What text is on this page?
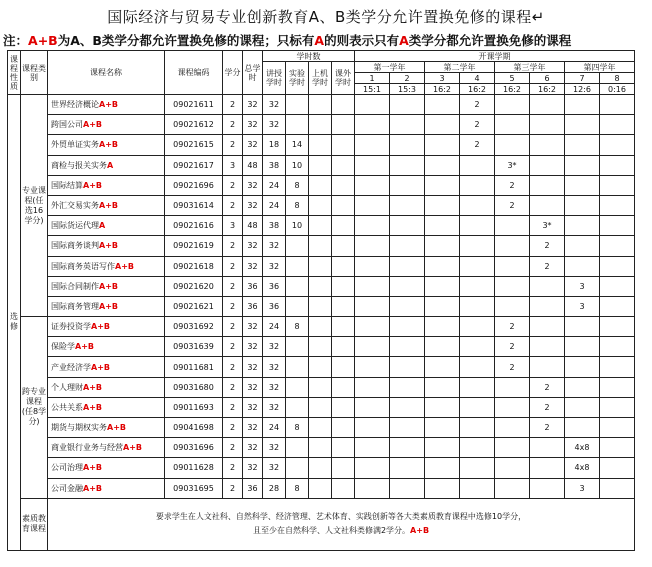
国际经济与贸易专业创新教育A、B类学分允许置换免修的课程↵
注：A+B为A、B类学分都允许置换免修的课程；只标有A的则表示只有A类学分都允许置换免修的课程
课程性质	课程类别	课程名称	课程编码	学分	总学时	学时数				开课学期							
						讲授学时	实验学时	上机学时	课外学时	第一学年		第二学年		第三学年		第四学年	
										1	2	3	4	5	6	7	8
										15:1	15:3	16:2	16:2	16:2	16:2	12:6	0:16
选 修	专业课程(任选16学分)	世界经济概论A+B	09021611	2	32	32							2				
		跨国公司A+B	09021612	2	32	32							2				
		外贸单证实务A+B	09021615	2	32	18	14						2				
		商检与报关实务A	09021617	3	48	38	10							3*			
		国际结算A+B	09021696	2	32	24	8							2			
		外汇交易实务A+B	09031614	2	32	24	8							2			
		国际货运代理A	09021616	3	48	38	10								3*		
		国际商务谈判A+B	09021619	2	32	32									2		
		国际商务英语写作A+B	09021618	2	32	32									2		
		国际合同制作A+B	09021620	2	36	36										3	
		国际商务管理A+B	09021621	2	36	36										3	
	跨专业课程(任8学分)	证券投资学A+B	09031692	2	32	24	8							2			
		保险学A+B	09031639	2	32	32								2			
		产业经济学A+B	09011681	2	32	32								2			
		个人理财A+B	09031680	2	32	32									2		
		公共关系A+B	09011693	2	32	32									2		
		期货与期权实务A+B	09041698	2	32	24	8								2		
		商业银行业务与经营A+B	09031696	2	32	32										4x8	
		公司治理A+B	09011628	2	32	32										4x8	
		公司金融A+B	09031695	2	36	28	8									3	
	素质教育课程	要求学生在人文社科、自然科学、经济管理、艺术体育、实践创新等各大类素质教育课程中选修10学分，
且至少在自然科学、人文社科类修满2学分。A+B															
